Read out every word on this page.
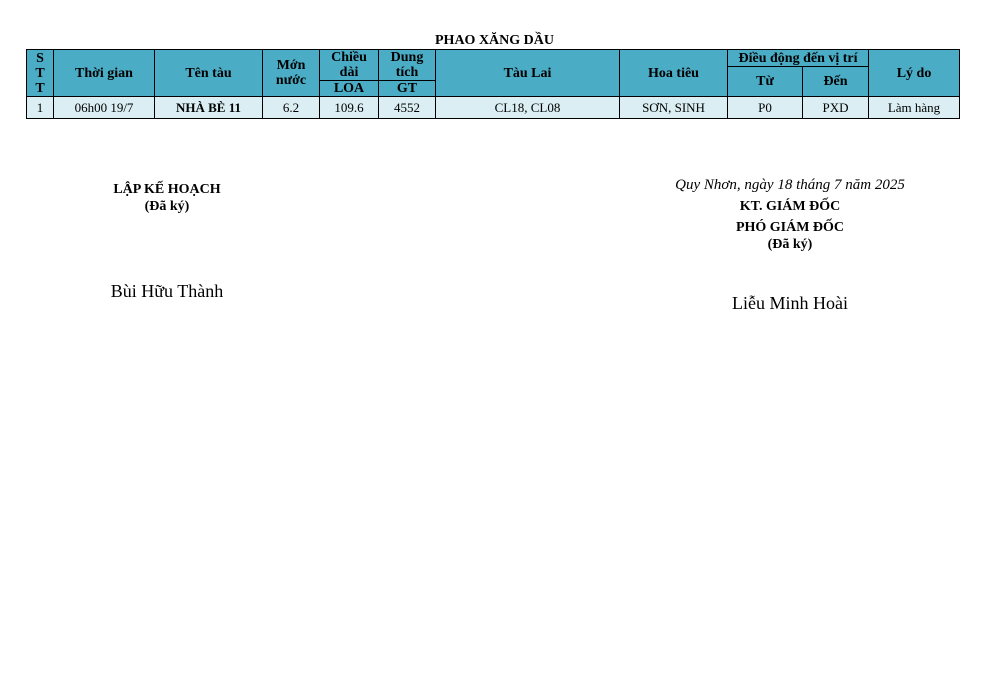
PHAO XĂNG DẦU
S T T	Thời gian	Tên tàu	Mớn nước	Chiều dài	Dung tích	Tàu Lai	Hoa tiêu	Điều động đến vị trí		Lý do
								Từ	Đến	
				LOA	GT					
1	06h00 19/7	NHÀ BÈ 11	6.2	109.6	4552	CL18, CL08	SƠN, SINH	P0	PXD	Làm hàng
LẬP KẾ HOẠCH
(Đã ký)
Bùi Hữu Thành
Quy Nhơn, ngày 18 tháng 7 năm 2025
KT. GIÁM ĐỐC
PHÓ GIÁM ĐỐC
(Đã ký)
Liễu Minh Hoài
